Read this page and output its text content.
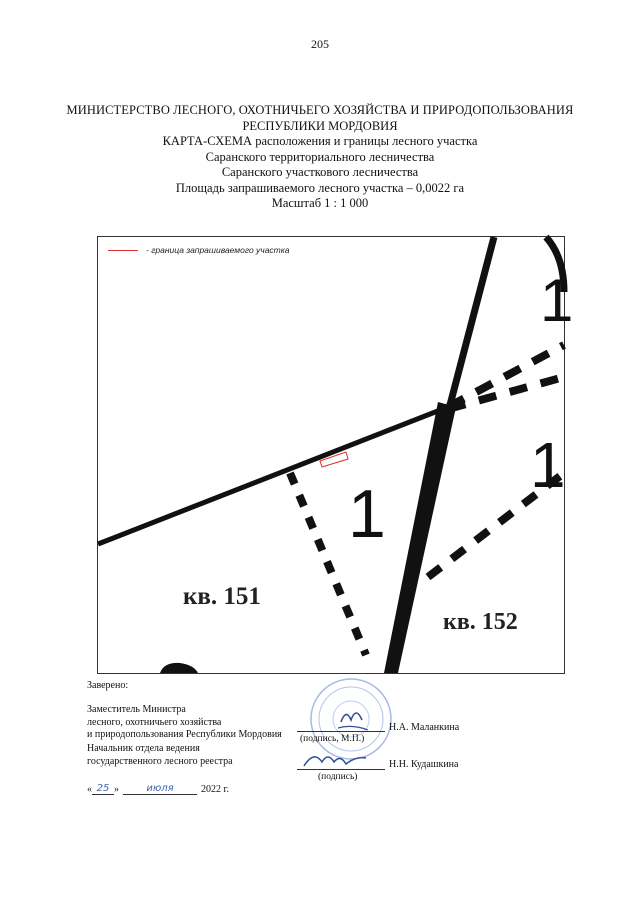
205
МИНИСТЕРСТВО ЛЕСНОГО, ОХОТНИЧЬЕГО ХОЗЯЙСТВА И ПРИРОДОПОЛЬЗОВАНИЯ
РЕСПУБЛИКИ МОРДОВИЯ
КАРТА-СХЕМА расположения и границы лесного участка
Саранского территориального лесничества
Саранского участкового лесничества
Площадь запрашиваемого лесного участка – 0,0022 га
Масштаб 1 : 1 000
1
1
1
- граница запрашиваемого участка
кв. 151
кв. 152
Заверено:
Заместитель Министра
лесного, охотничьего хозяйства
и природопользования Республики Мордовия (подпись, М.П.)
Н.А. Маланкина
Начальник отдела ведения
государственного лесного реестра
(подпись)
Н.Н. Кудашкина
« 25 »	июля	2022 г.
